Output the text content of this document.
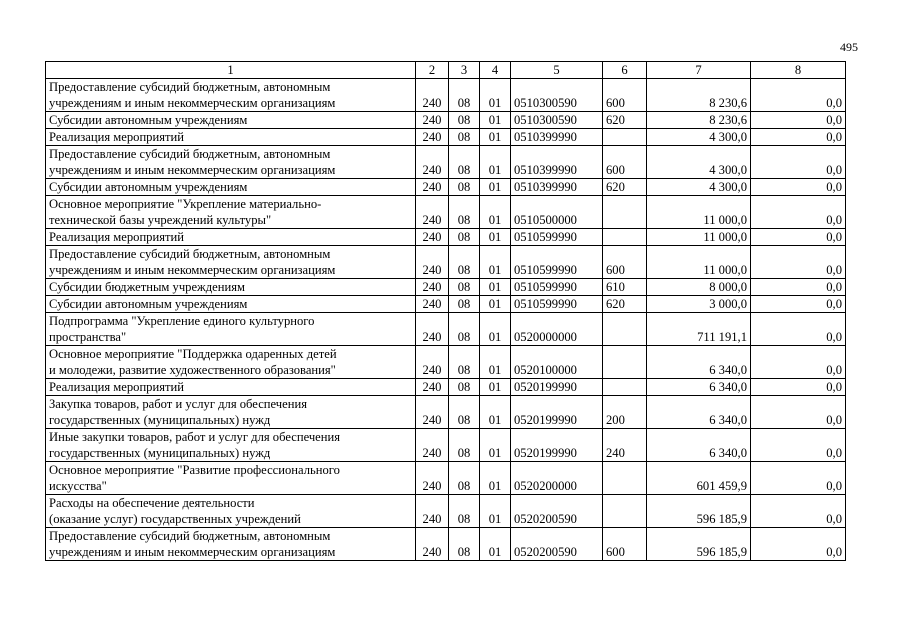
495
1	2	3	4	5	6	7	8
Предоставление субсидий бюджетным, автономным
учреждениям и иным некоммерческим организациям	240	08	01	0510300590	600	8 230,6	0,0
Субсидии автономным учреждениям	240	08	01	0510300590	620	8 230,6	0,0
Реализация мероприятий	240	08	01	0510399990		4 300,0	0,0
Предоставление субсидий бюджетным, автономным
учреждениям и иным некоммерческим организациям	240	08	01	0510399990	600	4 300,0	0,0
Субсидии автономным учреждениям	240	08	01	0510399990	620	4 300,0	0,0
Основное мероприятие "Укрепление материально-
технической базы учреждений культуры"	240	08	01	0510500000		11 000,0	0,0
Реализация мероприятий	240	08	01	0510599990		11 000,0	0,0
Предоставление субсидий бюджетным, автономным
учреждениям и иным некоммерческим организациям	240	08	01	0510599990	600	11 000,0	0,0
Субсидии бюджетным учреждениям	240	08	01	0510599990	610	8 000,0	0,0
Субсидии автономным учреждениям	240	08	01	0510599990	620	3 000,0	0,0
Подпрограмма "Укрепление единого культурного
пространства"	240	08	01	0520000000		711 191,1	0,0
Основное мероприятие "Поддержка одаренных детей
и молодежи, развитие художественного образования"	240	08	01	0520100000		6 340,0	0,0
Реализация мероприятий	240	08	01	0520199990		6 340,0	0,0
Закупка товаров, работ и услуг для обеспечения
государственных (муниципальных) нужд	240	08	01	0520199990	200	6 340,0	0,0
Иные закупки товаров, работ и услуг для обеспечения
государственных (муниципальных) нужд	240	08	01	0520199990	240	6 340,0	0,0
Основное мероприятие "Развитие профессионального
искусства"	240	08	01	0520200000		601 459,9	0,0
Расходы на обеспечение деятельности
(оказание услуг) государственных учреждений	240	08	01	0520200590		596 185,9	0,0
Предоставление субсидий бюджетным, автономным
учреждениям и иным некоммерческим организациям	240	08	01	0520200590	600	596 185,9	0,0
